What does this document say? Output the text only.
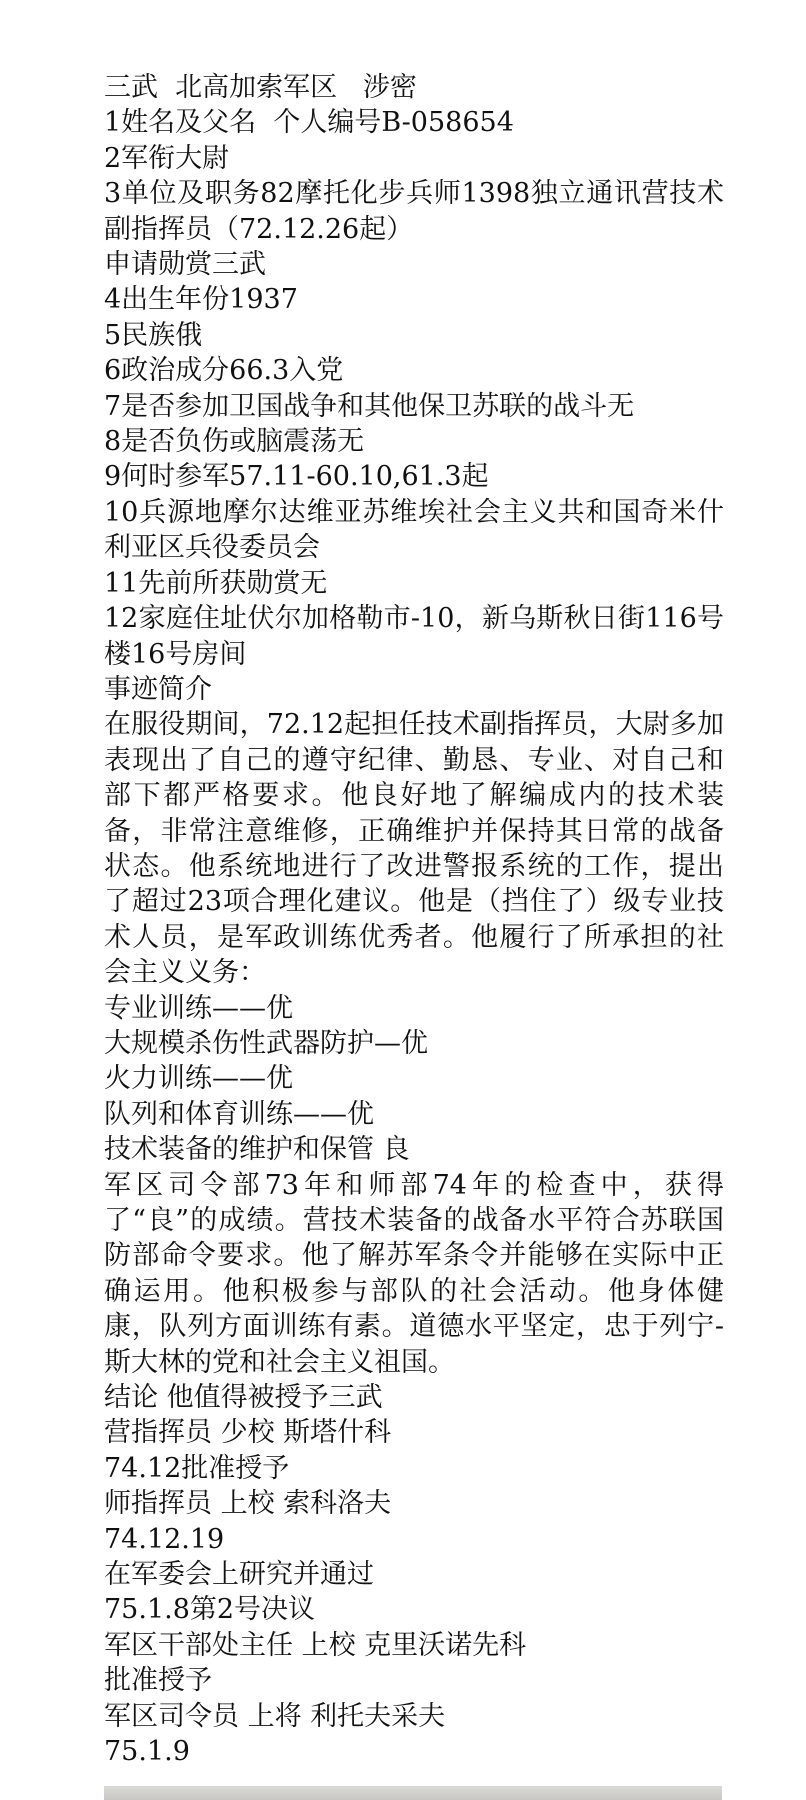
三武  北高加索军区   涉密
1姓名及父名  个人编号B-058654
2军衔大尉
3单位及职务82摩托化步兵师1398独立通讯营技术副指挥员（72.12.26起）
申请勋赏三武
4出生年份1937
5民族俄
6政治成分66.3入党
7是否参加卫国战争和其他保卫苏联的战斗无
8是否负伤或脑震荡无
9何时参军57.11-60.10,61.3起
10兵源地摩尔达维亚苏维埃社会主义共和国奇米什利亚区兵役委员会
11先前所获勋赏无
12家庭住址伏尔加格勒市-10，新乌斯秋日街116号楼16号房间
事迹简介
在服役期间，72.12起担任技术副指挥员，大尉多加表现出了自己的遵守纪律、勤恳、专业、对自己和部下都严格要求。他良好地了解编成内的技术装备，非常注意维修，正确维护并保持其日常的战备状态。他系统地进行了改进警报系统的工作，提出了超过23项合理化建议。他是（挡住了）级专业技术人员，是军政训练优秀者。他履行了所承担的社会主义义务：
专业训练——优
大规模杀伤性武器防护—优
火力训练——优
队列和体育训练——优
技术装备的维护和保管 良
军区司令部73年和师部74年的检查中，获得了“良”的成绩。营技术装备的战备水平符合苏联国防部命令要求。他了解苏军条令并能够在实际中正确运用。他积极参与部队的社会活动。他身体健康，队列方面训练有素。道德水平坚定，忠于列宁-斯大林的党和社会主义祖国。
结论 他值得被授予三武
营指挥员 少校 斯塔什科
74.12批准授予
师指挥员 上校 索科洛夫
74.12.19
在军委会上研究并通过
75.1.8第2号决议
军区干部处主任 上校 克里沃诺先科
批准授予
军区司令员 上将 利托夫采夫
75.1.9
